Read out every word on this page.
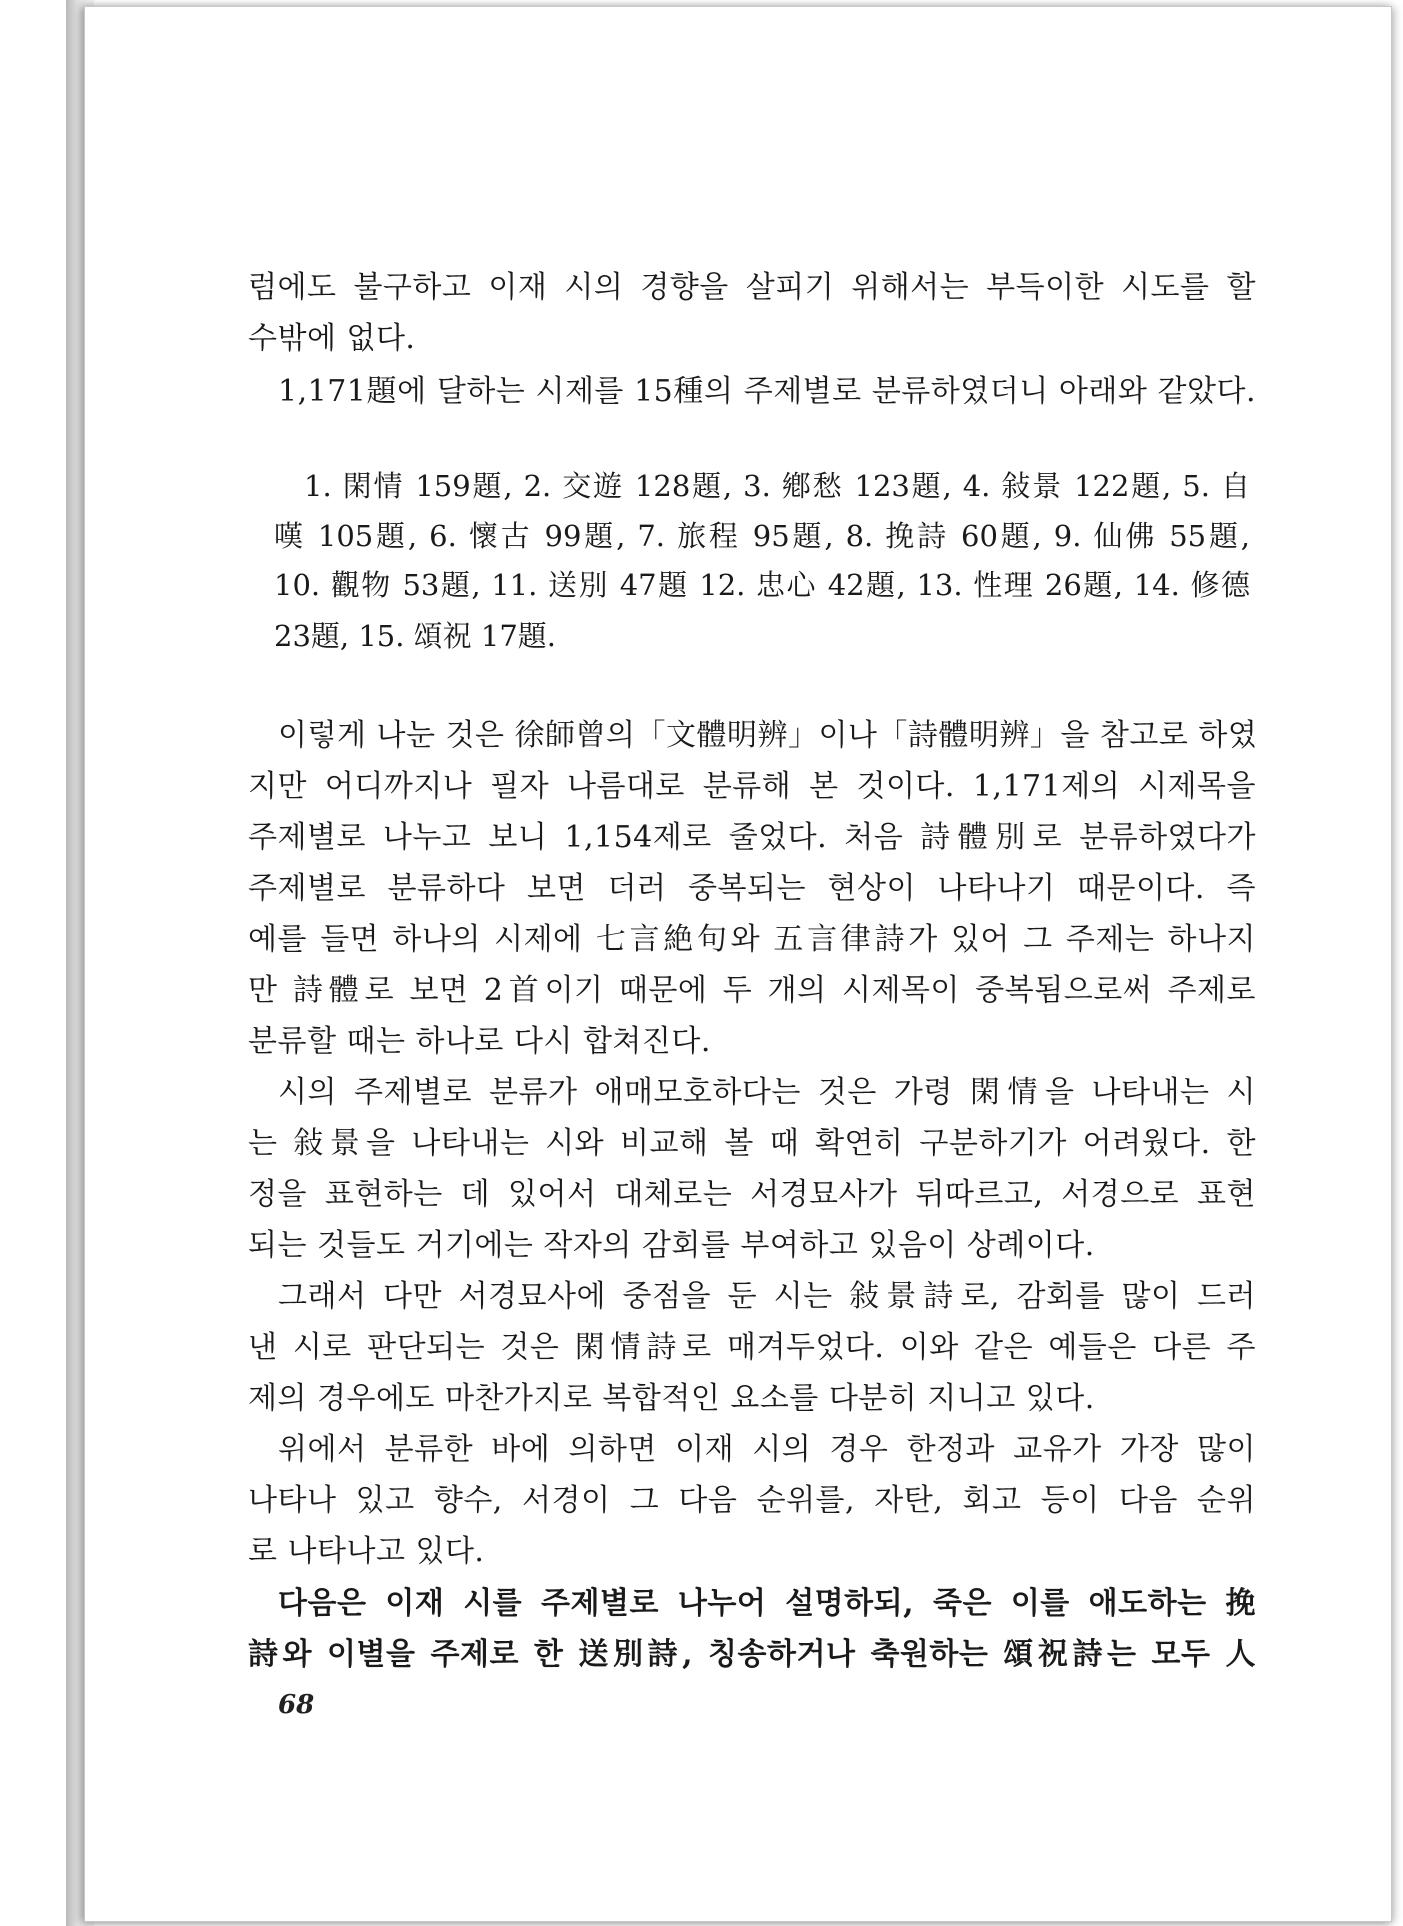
럼에도 불구하고 이재 시의 경향을 살피기 위해서는 부득이한 시도를 할
수밖에 없다.
1,171題에 달하는 시제를 15種의 주제별로 분류하였더니 아래와 같았다.
1. 閑情 159題, 2. 交遊 128題, 3. 鄕愁 123題, 4. 敍景 122題, 5. 自
嘆 105題, 6. 懷古 99題, 7. 旅程 95題, 8. 挽詩 60題, 9. 仙佛 55題,
10. 觀物 53題, 11. 送別 47題 12. 忠心 42題, 13. 性理 26題, 14. 修德
23題, 15. 頌祝 17題.
이렇게 나눈 것은 徐師曾의「文體明辨」이나「詩體明辨」을 참고로 하였
지만 어디까지나 필자 나름대로 분류해 본 것이다. 1,171제의 시제목을
주제별로 나누고 보니 1,154제로 줄었다. 처음 詩體別로 분류하였다가
주제별로 분류하다 보면 더러 중복되는 현상이 나타나기 때문이다. 즉
예를 들면 하나의 시제에 七言絶句와 五言律詩가 있어 그 주제는 하나지
만 詩體로 보면 2首이기 때문에 두 개의 시제목이 중복됨으로써 주제로
분류할 때는 하나로 다시 합쳐진다.
시의 주제별로 분류가 애매모호하다는 것은 가령 閑情을 나타내는 시
는 敍景을 나타내는 시와 비교해 볼 때 확연히 구분하기가 어려웠다. 한
정을 표현하는 데 있어서 대체로는 서경묘사가 뒤따르고, 서경으로 표현
되는 것들도 거기에는 작자의 감회를 부여하고 있음이 상례이다.
그래서 다만 서경묘사에 중점을 둔 시는 敍景詩로, 감회를 많이 드러
낸 시로 판단되는 것은 閑情詩로 매겨두었다. 이와 같은 예들은 다른 주
제의 경우에도 마찬가지로 복합적인 요소를 다분히 지니고 있다.
위에서 분류한 바에 의하면 이재 시의 경우 한정과 교유가 가장 많이
나타나 있고 향수, 서경이 그 다음 순위를, 자탄, 회고 등이 다음 순위
로 나타나고 있다.
다음은 이재 시를 주제별로 나누어 설명하되, 죽은 이를 애도하는 挽
詩와 이별을 주제로 한 送別詩, 칭송하거나 축원하는 頌祝詩는 모두 人
68
